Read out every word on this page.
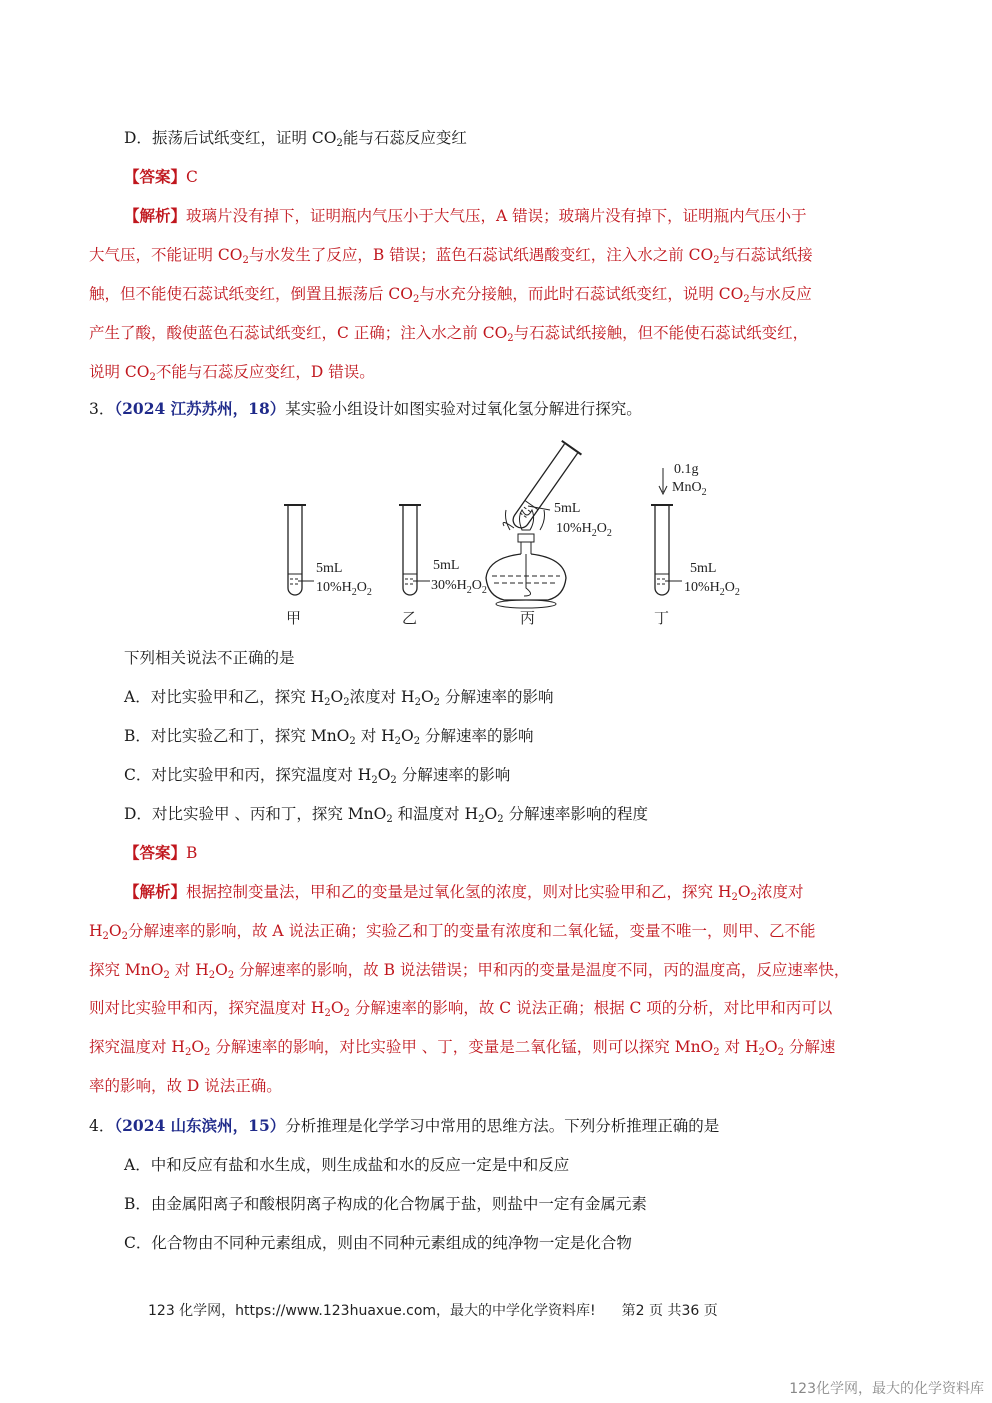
D．振荡后试纸变红，证明 $CO_2$能与石蕊反应变红
【答案】C
【解析】玻璃片没有掉下，证明瓶内气压小于大气压，A 错误；玻璃片没有掉下，证明瓶内气压小于
大气压，不能证明 $CO_2$与水发生了反应，B 错误；蓝色石蕊试纸遇酸变红，注入水之前 $CO_2$与石蕊试纸接
触，但不能使石蕊试纸变红，倒置且振荡后 $CO_2$与水充分接触，而此时石蕊试纸变红，说明 $CO_2$与水反应
产生了酸，酸使蓝色石蕊试纸变红，C 正确；注入水之前 $CO_2$与石蕊试纸接触，但不能使石蕊试纸变红，
说明 $CO_2$不能与石蕊反应变红，D 错误。
3．（2024 江苏苏州，18）某实验小组设计如图实验对过氧化氢分解进行探究。
5mL
$10\%H_2O_2$
甲
5mL
$30\%H_2O_2$
乙
5mL
$10\%H_2O_2$
丙
0.1g
MnO$_2$
5mL
$10\%H_2O_2$
丁
下列相关说法不正确的是
A．对比实验甲和乙，探究 $H_2O_2$浓度对 $H_2O_2$ 分解速率的影响
B．对比实验乙和丁，探究 MnO$_2$ 对 $H_2O_2$ 分解速率的影响
C．对比实验甲和丙，探究温度对 $H_2O_2$ 分解速率的影响
D．对比实验甲 、丙和丁，探究 MnO$_2$ 和温度对 $H_2O_2$ 分解速率影响的程度
【答案】B
【解析】根据控制变量法，甲和乙的变量是过氧化氢的浓度，则对比实验甲和乙，探究 $H_2O_2$浓度对
$H_2O_2$分解速率的影响，故 A 说法正确；实验乙和丁的变量有浓度和二氧化锰，变量不唯一，则甲、乙不能
探究 MnO$_2$ 对 $H_2O_2$ 分解速率的影响，故 B 说法错误；甲和丙的变量是温度不同，丙的温度高，反应速率快，
则对比实验甲和丙，探究温度对 $H_2O_2$ 分解速率的影响，故 C 说法正确；根据 C 项的分析，对比甲和丙可以
探究温度对 $H_2O_2$ 分解速率的影响，对比实验甲 、丁，变量是二氧化锰，则可以探究 MnO$_2$ 对 $H_2O_2$ 分解速
率的影响，故 D 说法正确。
4．（2024 山东滨州，15）分析推理是化学学习中常用的思维方法。下列分析推理正确的是
A．中和反应有盐和水生成，则生成盐和水的反应一定是中和反应
B．由金属阳离子和酸根阴离子构成的化合物属于盐，则盐中一定有金属元素
C．化合物由不同种元素组成，则由不同种元素组成的纯净物一定是化合物
123 化学网，https://www.123huaxue.com，最大的中学化学资料库! 第2 页 共36 页
123化学网，最大的化学资料库
